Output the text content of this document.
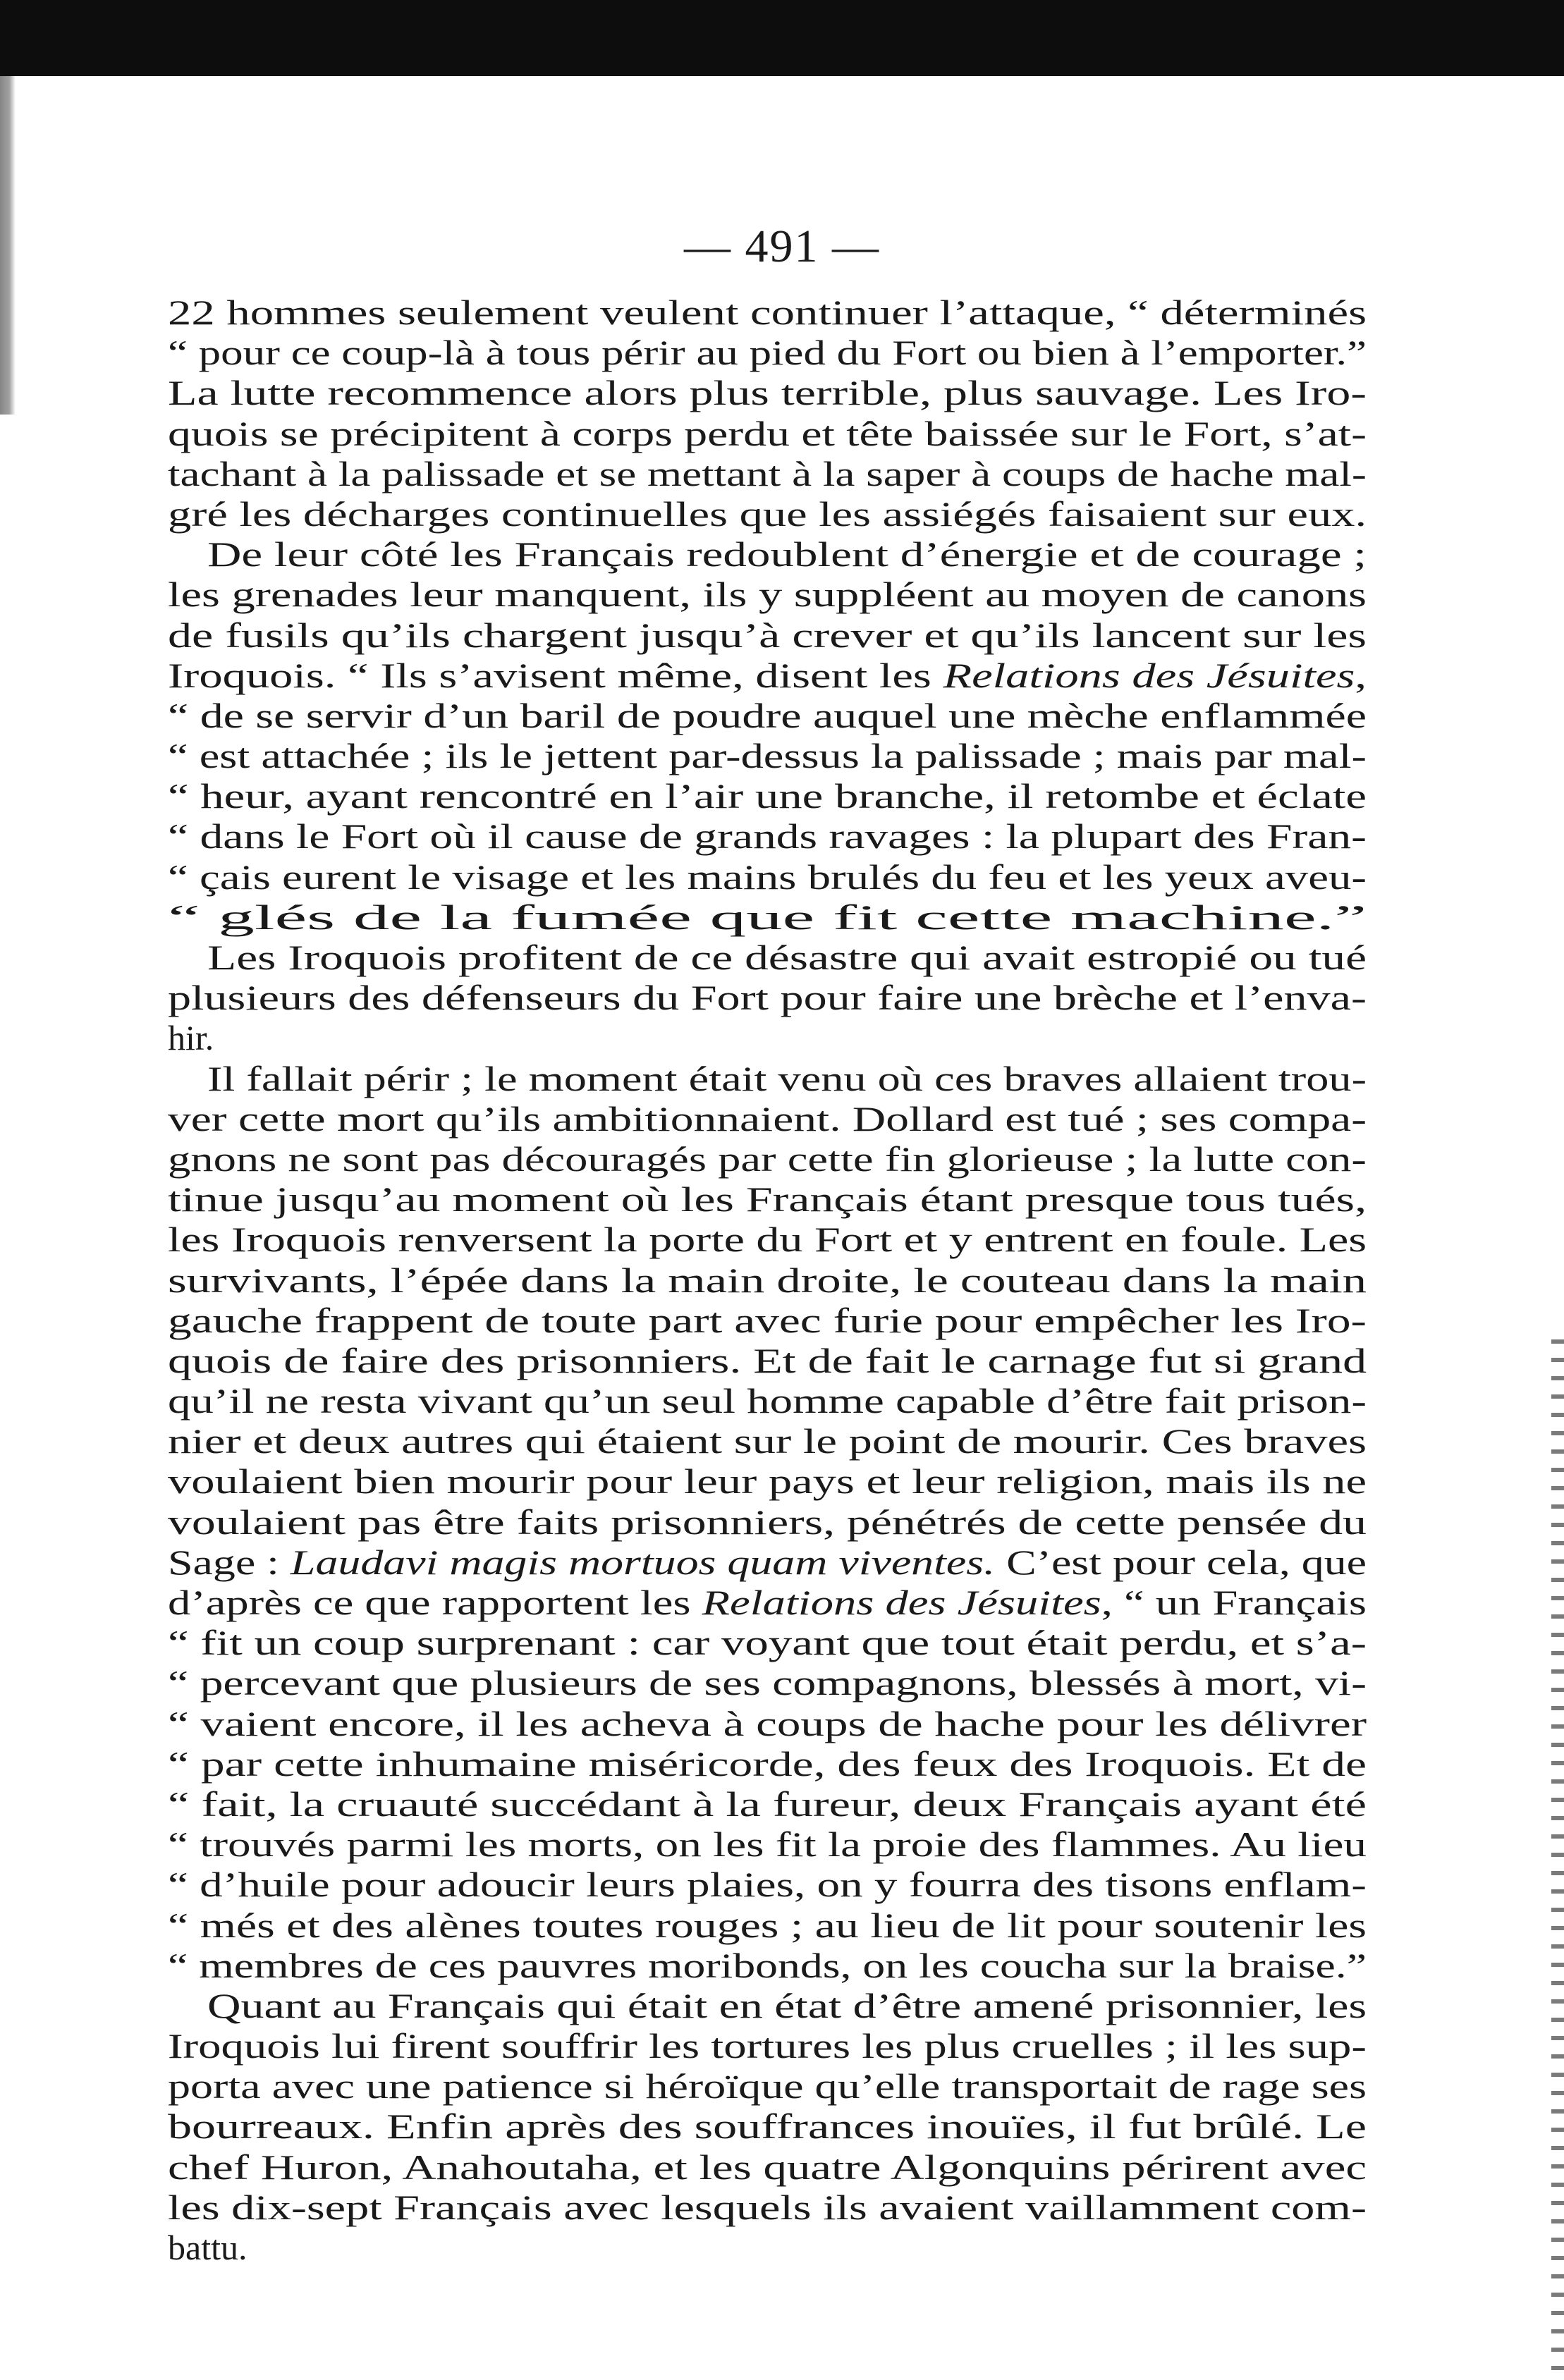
— 491 —
22 hommes seulement veulent continuer l’attaque, “ déterminés
“ pour ce coup-là à tous périr au pied du Fort ou bien à l’emporter.”
La lutte recommence alors plus terrible, plus sauvage. Les Iro-
quois se précipitent à corps perdu et tête baissée sur le Fort, s’at-
tachant à la palissade et se mettant à la saper à coups de hache mal-
gré les décharges continuelles que les assiégés faisaient sur eux.
De leur côté les Français redoublent d’énergie et de courage ;
les grenades leur manquent, ils y suppléent au moyen de canons
de fusils qu’ils chargent jusqu’à crever et qu’ils lancent sur les
Iroquois. “ Ils s’avisent même, disent les Relations des Jésuites,
“ de se servir d’un baril de poudre auquel une mèche enflammée
“ est attachée ; ils le jettent par-dessus la palissade ; mais par mal-
“ heur, ayant rencontré en l’air une branche, il retombe et éclate
“ dans le Fort où il cause de grands ravages : la plupart des Fran-
“ çais eurent le visage et les mains brulés du feu et les yeux aveu-
“ glés de la fumée que fit cette machine.”
Les Iroquois profitent de ce désastre qui avait estropié ou tué
plusieurs des défenseurs du Fort pour faire une brèche et l’enva-
hir.
Il fallait périr ; le moment était venu où ces braves allaient trou-
ver cette mort qu’ils ambitionnaient. Dollard est tué ; ses compa-
gnons ne sont pas découragés par cette fin glorieuse ; la lutte con-
tinue jusqu’au moment où les Français étant presque tous tués,
les Iroquois renversent la porte du Fort et y entrent en foule. Les
survivants, l’épée dans la main droite, le couteau dans la main
gauche frappent de toute part avec furie pour empêcher les Iro-
quois de faire des prisonniers. Et de fait le carnage fut si grand
qu’il ne resta vivant qu’un seul homme capable d’être fait prison-
nier et deux autres qui étaient sur le point de mourir. Ces braves
voulaient bien mourir pour leur pays et leur religion, mais ils ne
voulaient pas être faits prisonniers, pénétrés de cette pensée du
Sage : Laudavi magis mortuos quam viventes. C’est pour cela, que
d’après ce que rapportent les Relations des Jésuites, “ un Français
“ fit un coup surprenant : car voyant que tout était perdu, et s’a-
“ percevant que plusieurs de ses compagnons, blessés à mort, vi-
“ vaient encore, il les acheva à coups de hache pour les délivrer
“ par cette inhumaine miséricorde, des feux des Iroquois. Et de
“ fait, la cruauté succédant à la fureur, deux Français ayant été
“ trouvés parmi les morts, on les fit la proie des flammes. Au lieu
“ d’huile pour adoucir leurs plaies, on y fourra des tisons enflam-
“ més et des alènes toutes rouges ; au lieu de lit pour soutenir les
“ membres de ces pauvres moribonds, on les coucha sur la braise.”
Quant au Français qui était en état d’être amené prisonnier, les
Iroquois lui firent souffrir les tortures les plus cruelles ; il les sup-
porta avec une patience si héroïque qu’elle transportait de rage ses
bourreaux. Enfin après des souffrances inouïes, il fut brûlé. Le
chef Huron, Anahoutaha, et les quatre Algonquins périrent avec
les dix-sept Français avec lesquels ils avaient vaillamment com-
battu.
